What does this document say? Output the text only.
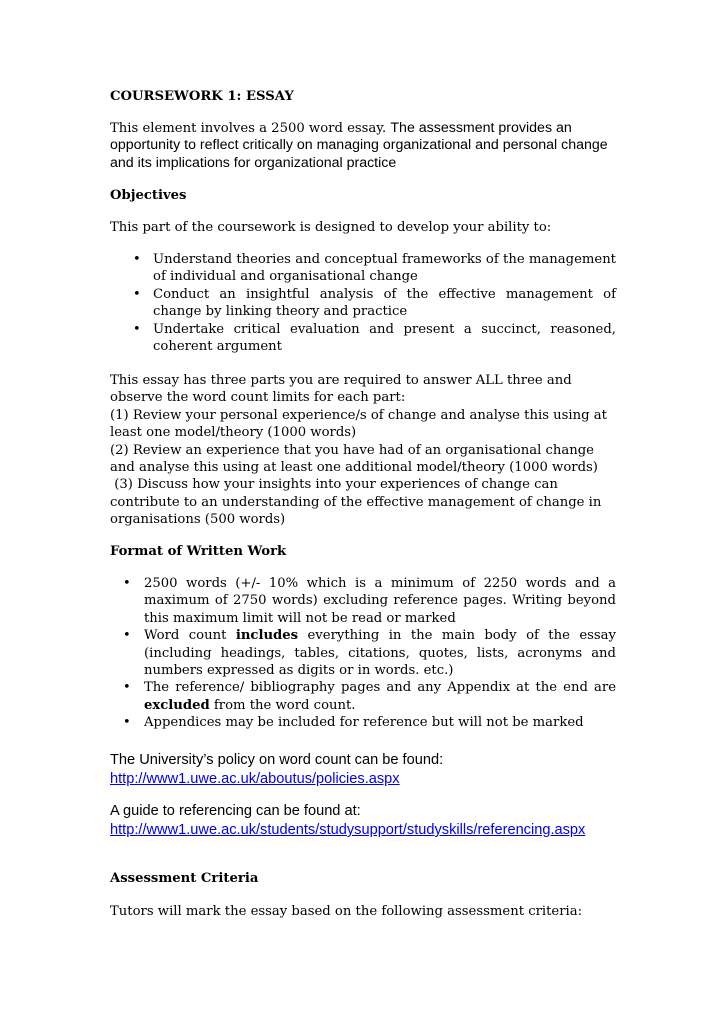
COURSEWORK 1: ESSAY

This element involves a 2500 word essay. The assessment provides an opportunity to reflect critically on managing organizational and personal change and its implications for organizational practice

Objectives

This part of the coursework is designed to develop your ability to:

• Understand theories and conceptual frameworks of the management of individual and organisational change
• Conduct an insightful analysis of the effective management of change by linking theory and practice
• Undertake critical evaluation and present a succinct, reasoned, coherent argument
This essay has three parts you are required to answer ALL three and observe the word count limits for each part:
(1) Review your personal experience/s of change and analyse this using at least one model/theory (1000 words)
(2) Review an experience that you have had of an organisational change and analyse this using at least one additional model/theory (1000 words)
(3) Discuss how your insights into your experiences of change can contribute to an understanding of the effective management of change in organisations (500 words)

Format of Written Work

• 2500 words (+/- 10% which is a minimum of 2250 words and a maximum of 2750 words) excluding reference pages. Writing beyond this maximum limit will not be read or marked
• Word count includes everything in the main body of the essay (including headings, tables, citations, quotes, lists, acronyms and numbers expressed as digits or in words. etc.)
• The reference/ bibliography pages and any Appendix at the end are excluded from the word count.
• Appendices may be included for reference but will not be marked
The University’s policy on word count can be found:
http://www1.uwe.ac.uk/aboutus/policies.aspx
A guide to referencing can be found at:
http://www1.uwe.ac.uk/students/studysupport/studyskills/referencing.aspx

Assessment Criteria

Tutors will mark the essay based on the following assessment criteria:
